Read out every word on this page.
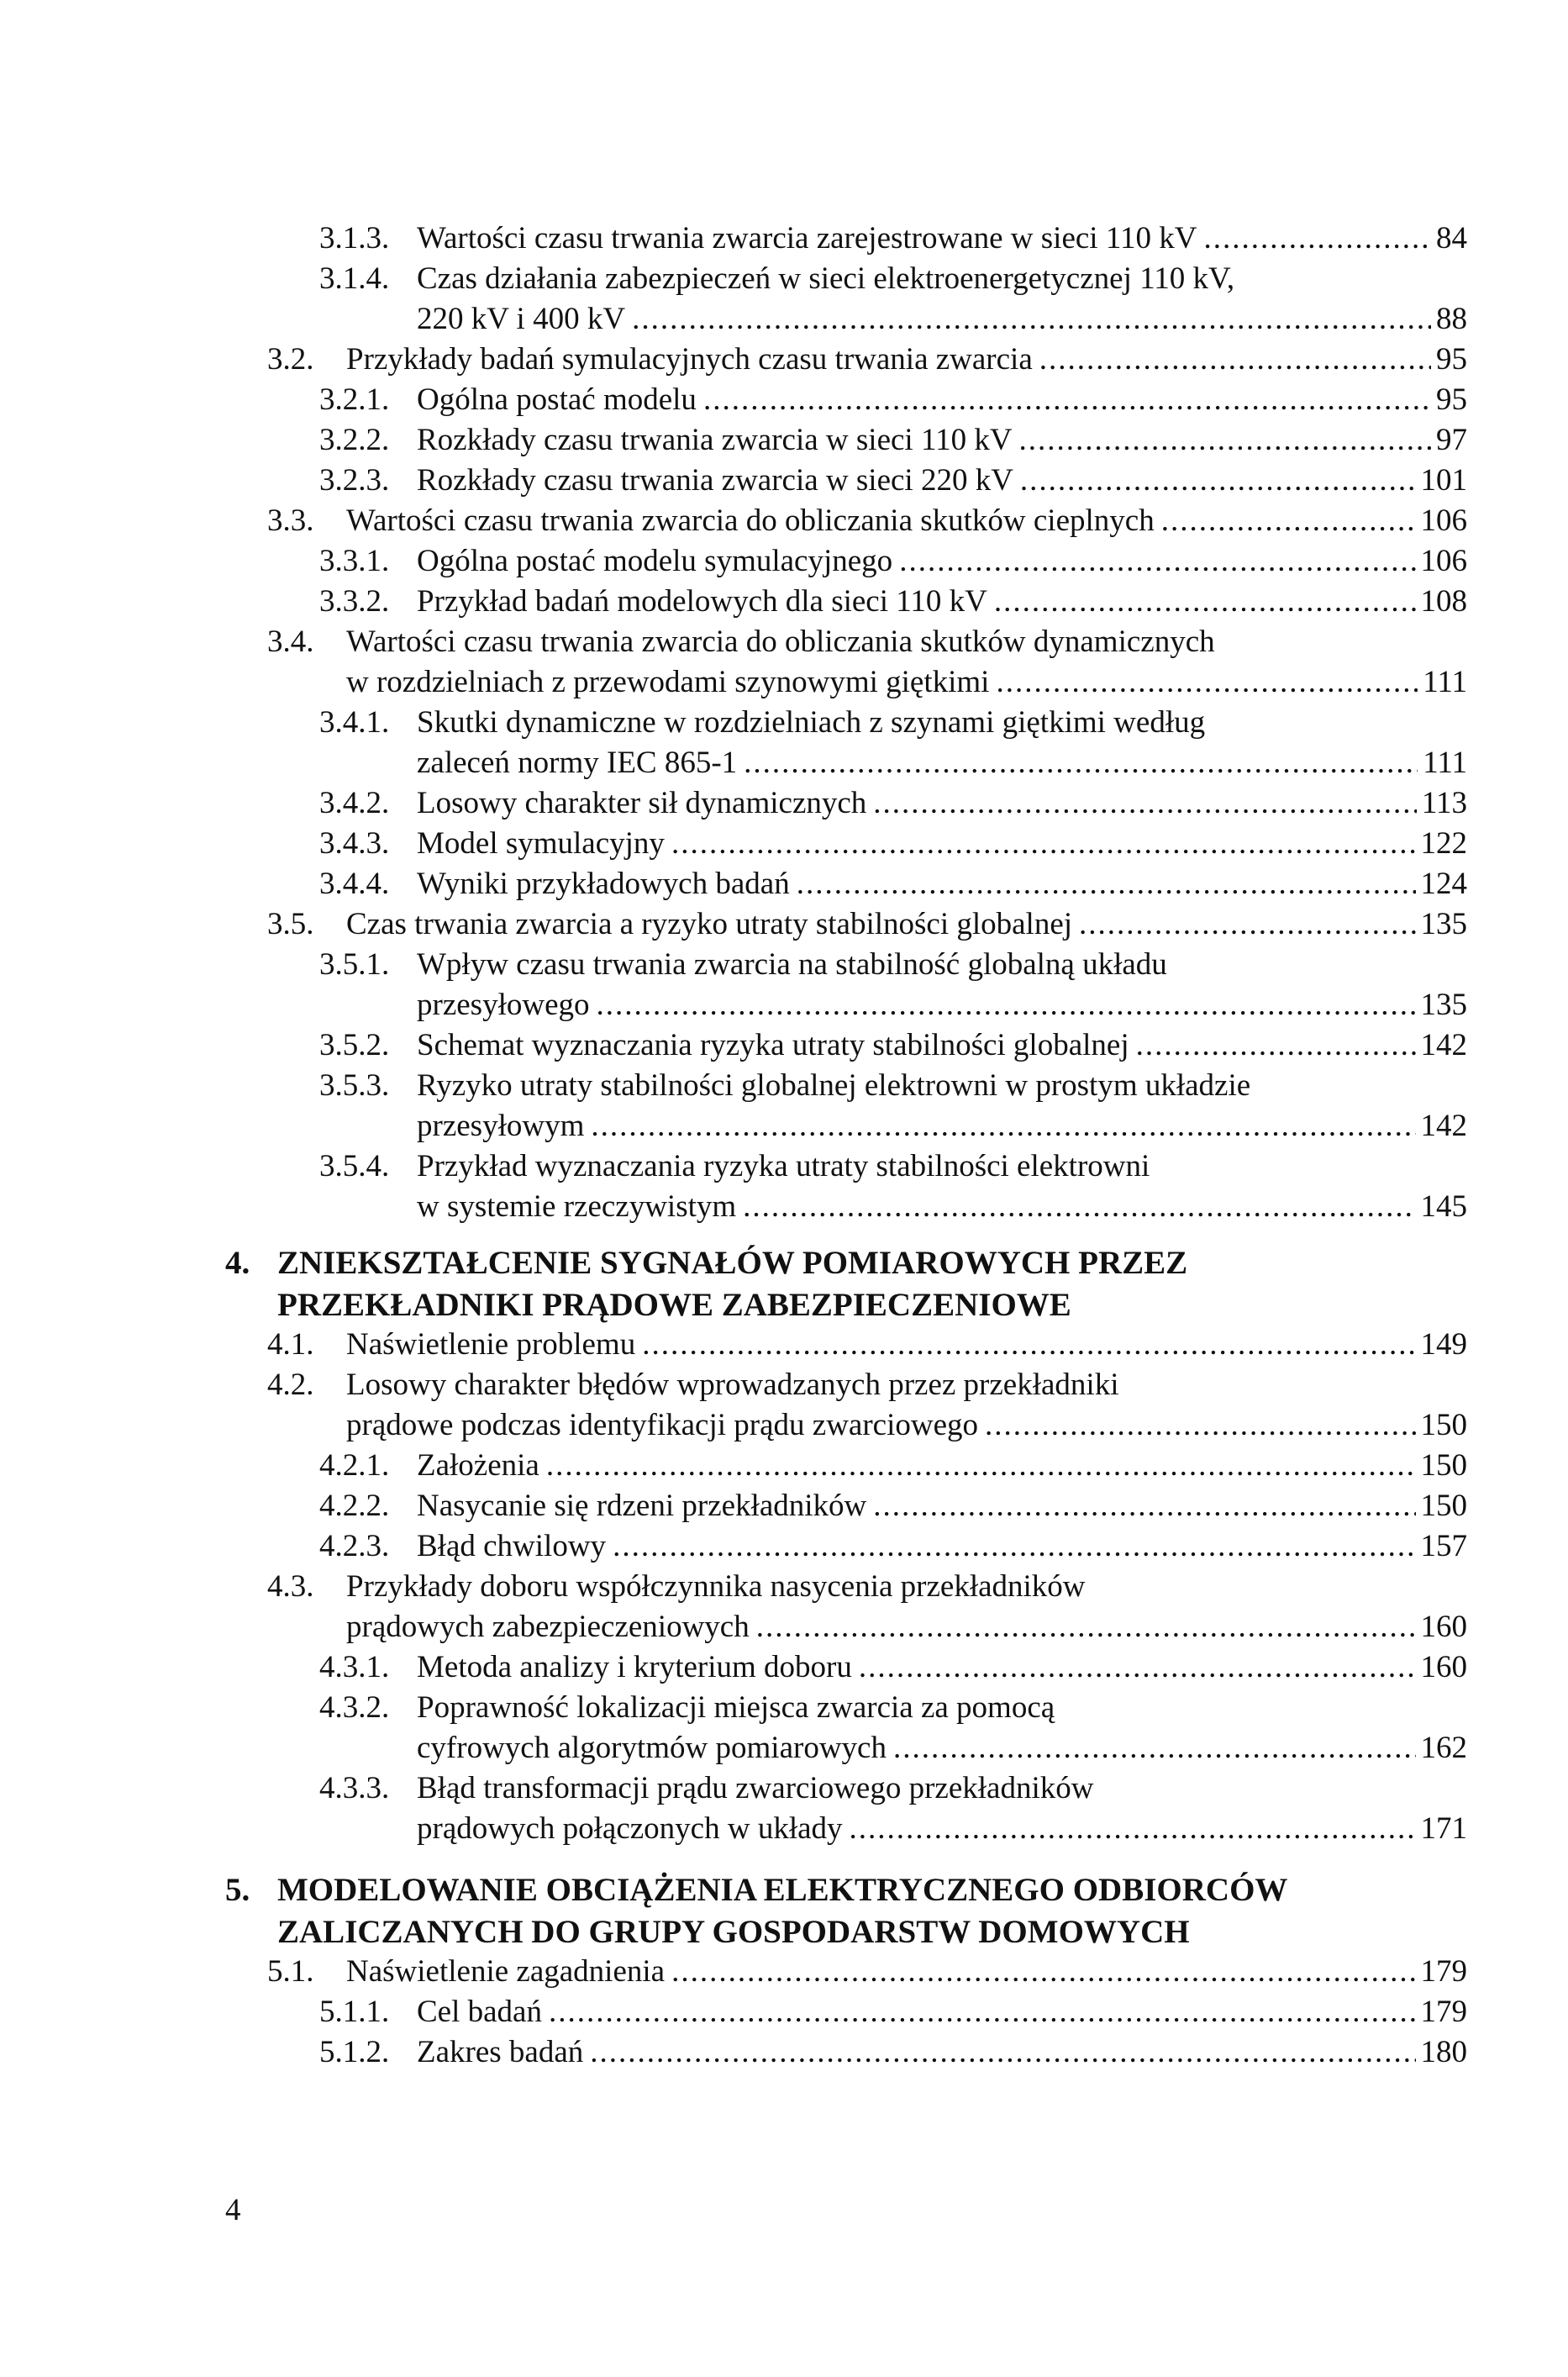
3.1.3. Wartości czasu trwania zwarcia zarejestrowane w sieci 110 kV .....	84
3.1.4. Czas działania zabezpieczeń w sieci elektroenergetycznej 110 kV,
220 kV i 400 kV .....	88
3.2. Przykłady badań symulacyjnych czasu trwania zwarcia .....	95
3.2.1. Ogólna postać modelu .....	95
3.2.2. Rozkłady czasu trwania zwarcia w sieci 110 kV .....	97
3.2.3. Rozkłady czasu trwania zwarcia w sieci 220 kV .....	101
3.3. Wartości czasu trwania zwarcia do obliczania skutków cieplnych .....	106
3.3.1. Ogólna postać modelu symulacyjnego .....	106
3.3.2. Przykład badań modelowych dla sieci 110 kV .....	108
3.4. Wartości czasu trwania zwarcia do obliczania skutków dynamicznych
w rozdzielniach z przewodami szynowymi giętkimi .....	111
3.4.1. Skutki dynamiczne w rozdzielniach z szynami giętkimi według
zaleceń normy IEC 865-1 .....	111
3.4.2. Losowy charakter sił dynamicznych .....	113
3.4.3. Model symulacyjny .....	122
3.4.4. Wyniki przykładowych badań .....	124
3.5. Czas trwania zwarcia a ryzyko utraty stabilności globalnej .....	135
3.5.1. Wpływ czasu trwania zwarcia na stabilność globalną układu
przesyłowego .....	135
3.5.2. Schemat wyznaczania ryzyka utraty stabilności globalnej .....	142
3.5.3. Ryzyko utraty stabilności globalnej elektrowni w prostym układzie
przesyłowym .....	142
3.5.4. Przykład wyznaczania ryzyka utraty stabilności elektrowni
w systemie rzeczywistym .....	145
4. ZNIEKSZTAŁCENIE SYGNAŁÓW POMIAROWYCH PRZEZ
PRZEKŁADNIKI PRĄDOWE ZABEZPIECZENIOWE
4.1. Naświetlenie problemu .....	149
4.2. Losowy charakter błędów wprowadzanych przez przekładniki
prądowe podczas identyfikacji prądu zwarciowego .....	150
4.2.1. Założenia .....	150
4.2.2. Nasycanie się rdzeni przekładników .....	150
4.2.3. Błąd chwilowy .....	157
4.3. Przykłady doboru współczynnika nasycenia przekładników
prądowych zabezpieczeniowych .....	160
4.3.1. Metoda analizy i kryterium doboru .....	160
4.3.2. Poprawność lokalizacji miejsca zwarcia za pomocą
cyfrowych algorytmów pomiarowych .....	162
4.3.3. Błąd transformacji prądu zwarciowego przekładników
prądowych połączonych w układy .....	171
5. MODELOWANIE OBCIĄŻENIA ELEKTRYCZNEGO ODBIORCÓW
ZALICZANYCH DO GRUPY GOSPODARSTW DOMOWYCH
5.1. Naświetlenie zagadnienia .....	179
5.1.1. Cel badań .....	179
5.1.2. Zakres badań .....	180
4
